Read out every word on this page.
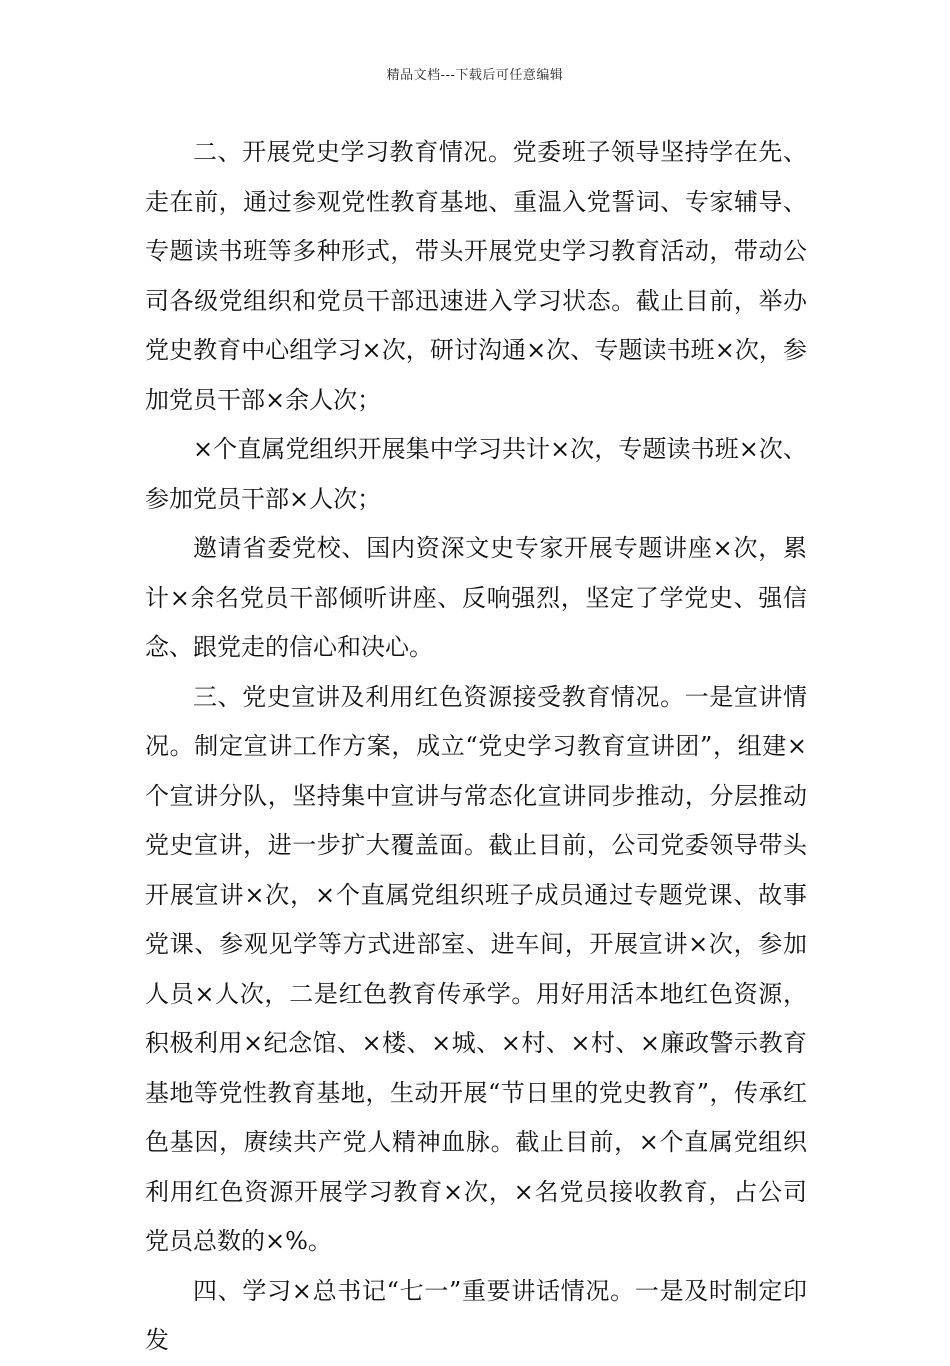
精品文档---下载后可任意编辑

二、开展党史学习教育情况。党委班子领导坚持学在先、走在前，通过参观党性教育基地、重温入党誓词、专家辅导、专题读书班等多种形式，带头开展党史学习教育活动，带动公司各级党组织和党员干部迅速进入学习状态。截止目前，举办党史教育中心组学习×次，研讨沟通×次、专题读书班×次，参加党员干部×余人次；

×个直属党组织开展集中学习共计×次，专题读书班×次、参加党员干部×人次；

邀请省委党校、国内资深文史专家开展专题讲座×次，累计×余名党员干部倾听讲座、反响强烈，坚定了学党史、强信念、跟党走的信心和决心。

三、党史宣讲及利用红色资源接受教育情况。一是宣讲情况。制定宣讲工作方案，成立“党史学习教育宣讲团”，组建×个宣讲分队，坚持集中宣讲与常态化宣讲同步推动，分层推动党史宣讲，进一步扩大覆盖面。截止目前，公司党委领导带头开展宣讲×次，×个直属党组织班子成员通过专题党课、故事党课、参观见学等方式进部室、进车间，开展宣讲×次，参加人员×人次，二是红色教育传承学。用好用活本地红色资源，积极利用×纪念馆、×楼、×城、×村、×村、×廉政警示教育基地等党性教育基地，生动开展“节日里的党史教育”，传承红色基因，赓续共产党人精神血脉。截止目前，×个直属党组织利用红色资源开展学习教育×次，×名党员接收教育，占公司党员总数的×%。

四、学习×总书记“七一”重要讲话情况。一是及时制定印发
